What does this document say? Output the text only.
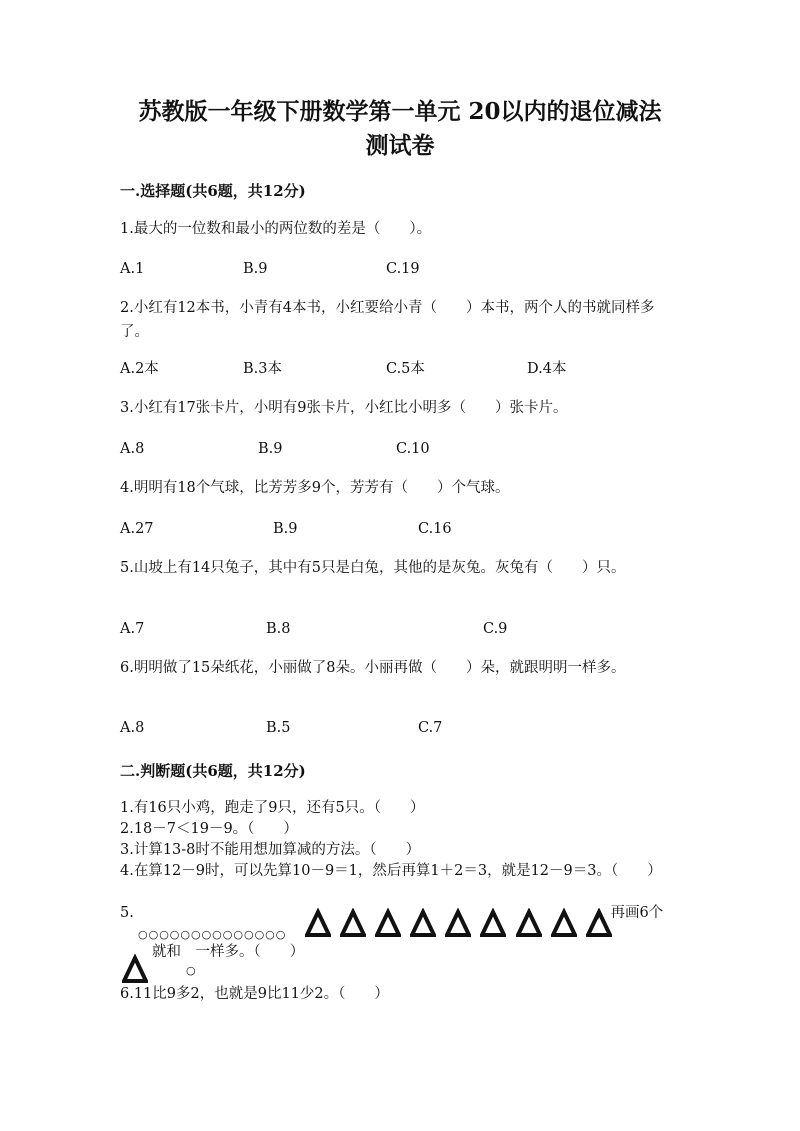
苏教版一年级下册数学第一单元 20以内的退位减法
测试卷
一.选择题(共6题，共12分)
1.最大的一位数和最小的两位数的差是（　　）。
A.1	B.9	C.19
2.小红有12本书，小青有4本书，小红要给小青（　　）本书，两个人的书就同样多了。
A.2本	B.3本	C.5本	D.4本
3.小红有17张卡片，小明有9张卡片，小红比小明多（　　）张卡片。
A.8	B.9	C.10
4.明明有18个气球，比芳芳多9个，芳芳有（　　）个气球。
A.27	B.9	C.16
5.山坡上有14只兔子，其中有5只是白兔，其他的是灰兔。灰兔有（　　）只。
A.7	B.8	C.9
6.明明做了15朵纸花，小丽做了8朵。小丽再做（　　）朵，就跟明明一样多。
A.8	B.5	C.7
二.判断题(共6题，共12分)
1.有16只小鸡，跑走了9只，还有5只。（　　）
2.18－7＜19－9。（　　）
3.计算13-8时不能用想加算减的方法。（　　）
4.在算12－9时，可以先算10－9＝1，然后再算1＋2＝3，就是12－9＝3。（　　）
5.
○○○○○○○○○○○○○○

，再画6个
就和　一样多。（　　）
○
6.11比9多2，也就是9比11少2。（　　）
